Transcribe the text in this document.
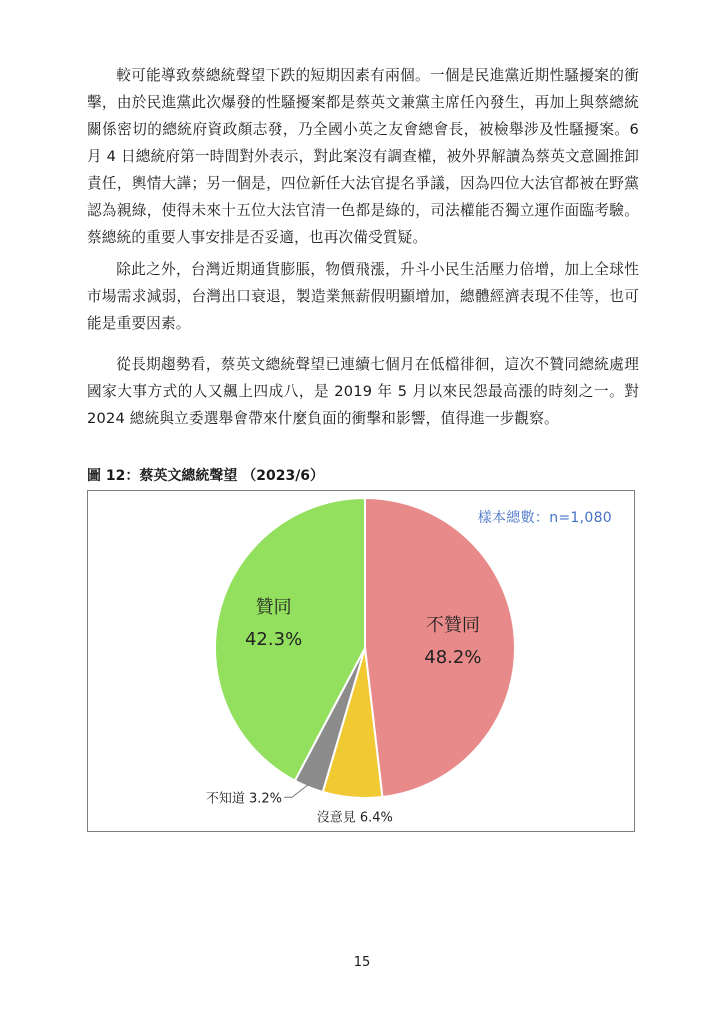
較可能導致蔡總統聲望下跌的短期因素有兩個。一個是民進黨近期性騷擾案的衝擊，由於民進黨此次爆發的性騷擾案都是蔡英文兼黨主席任內發生，再加上與蔡總統關係密切的總統府資政顏志發，乃全國小英之友會總會長，被檢舉涉及性騷擾案。6 月 4 日總統府第一時間對外表示，對此案沒有調查權，被外界解讀為蔡英文意圖推卸責任，輿情大譁；另一個是，四位新任大法官提名爭議，因為四位大法官都被在野黨認為親綠，使得未來十五位大法官清一色都是綠的，司法權能否獨立運作面臨考驗。蔡總統的重要人事安排是否妥適，也再次備受質疑。

除此之外，台灣近期通貨膨脹，物價飛漲，升斗小民生活壓力倍增，加上全球性市場需求減弱，台灣出口衰退，製造業無薪假明顯增加，總體經濟表現不佳等，也可能是重要因素。

從長期趨勢看，蔡英文總統聲望已連續七個月在低檔徘徊，這次不贊同總統處理國家大事方式的人又飆上四成八，是 2019 年 5 月以來民怨最高漲的時刻之一。對 2024 總統與立委選舉會帶來什麼負面的衝擊和影響，值得進一步觀察。

圖 12：蔡英文總統聲望 （2023/6）

不贊同
48.2%
贊同
42.3%
沒意見 6.4%
不知道 3.2%

樣本總數：n=1,080

15
